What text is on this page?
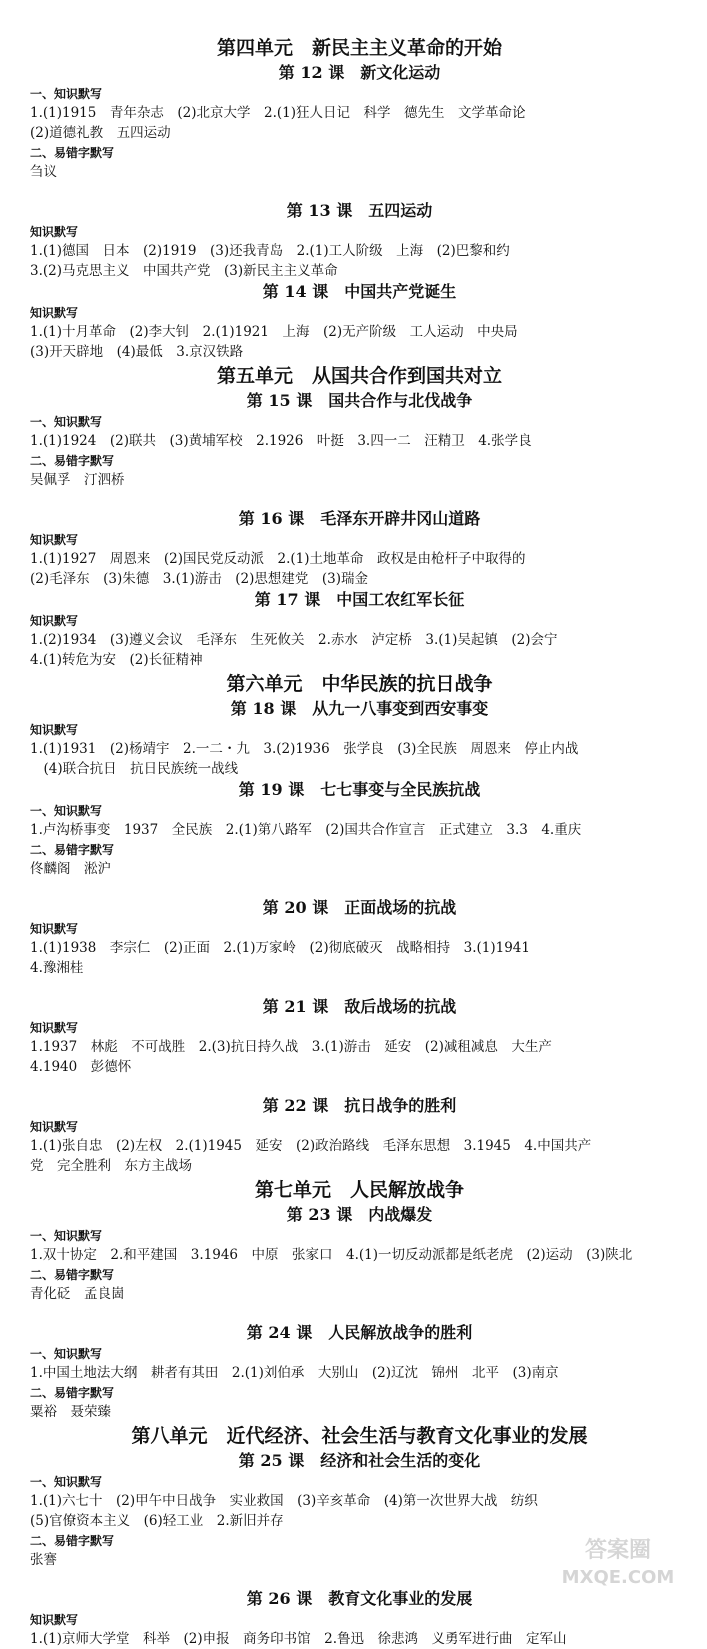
第四单元　新民主主义革命的开始
第 12 课　新文化运动
一、知识默写
1.(1)1915　青年杂志　(2)北京大学　2.(1)狂人日记　科学　德先生　文学革命论
(2)道德礼教　五四运动
二、易错字默写
刍议
第 13 课　五四运动
知识默写
1.(1)德国　日本　(2)1919　(3)还我青岛　2.(1)工人阶级　上海　(2)巴黎和约
3.(2)马克思主义　中国共产党　(3)新民主主义革命
第 14 课　中国共产党诞生
知识默写
1.(1)十月革命　(2)李大钊　2.(1)1921　上海　(2)无产阶级　工人运动　中央局
(3)开天辟地　(4)最低　3.京汉铁路
第五单元　从国共合作到国共对立
第 15 课　国共合作与北伐战争
一、知识默写
1.(1)1924　(2)联共　(3)黄埔军校　2.1926　叶挺　3.四一二　汪精卫　4.张学良
二、易错字默写
吴佩孚　汀泗桥
第 16 课　毛泽东开辟井冈山道路
知识默写
1.(1)1927　周恩来　(2)国民党反动派　2.(1)土地革命　政权是由枪杆子中取得的
(2)毛泽东　(3)朱德　3.(1)游击　(2)思想建党　(3)瑞金
第 17 课　中国工农红军长征
知识默写
1.(2)1934　(3)遵义会议　毛泽东　生死攸关　2.赤水　泸定桥　3.(1)吴起镇　(2)会宁
4.(1)转危为安　(2)长征精神
第六单元　中华民族的抗日战争
第 18 课　从九一八事变到西安事变
知识默写
1.(1)1931　(2)杨靖宇　2.一二・九　3.(2)1936　张学良　(3)全民族　周恩来　停止内战
　(4)联合抗日　抗日民族统一战线
第 19 课　七七事变与全民族抗战
一、知识默写
1.卢沟桥事变　1937　全民族　2.(1)第八路军　(2)国共合作宣言　正式建立　3.3　4.重庆
二、易错字默写
佟麟阁　淞沪
第 20 课　正面战场的抗战
知识默写
1.(1)1938　李宗仁　(2)正面　2.(1)万家岭　(2)彻底破灭　战略相持　3.(1)1941
4.豫湘桂
第 21 课　敌后战场的抗战
知识默写
1.1937　林彪　不可战胜　2.(3)抗日持久战　3.(1)游击　延安　(2)减租减息　大生产
4.1940　彭德怀
第 22 课　抗日战争的胜利
知识默写
1.(1)张自忠　(2)左权　2.(1)1945　延安　(2)政治路线　毛泽东思想　3.1945　4.中国共产
党　完全胜利　东方主战场
第七单元　人民解放战争
第 23 课　内战爆发
一、知识默写
1.双十协定　2.和平建国　3.1946　中原　张家口　4.(1)一切反动派都是纸老虎　(2)运动　(3)陕北
二、易错字默写
青化砭　孟良崮
第 24 课　人民解放战争的胜利
一、知识默写
1.中国土地法大纲　耕者有其田　2.(1)刘伯承　大别山　(2)辽沈　锦州　北平　(3)南京
二、易错字默写
粟裕　聂荣臻
第八单元　近代经济、社会生活与教育文化事业的发展
第 25 课　经济和社会生活的变化
一、知识默写
1.(1)六七十　(2)甲午中日战争　实业救国　(3)辛亥革命　(4)第一次世界大战　纺织
(5)官僚资本主义　(6)轻工业　2.新旧并存
二、易错字默写
张謇
第 26 课　教育文化事业的发展
知识默写
1.(1)京师大学堂　科举　(2)申报　商务印书馆　2.鲁迅　徐悲鸿　义勇军进行曲　定军山
答案圈
MXQE.COM
